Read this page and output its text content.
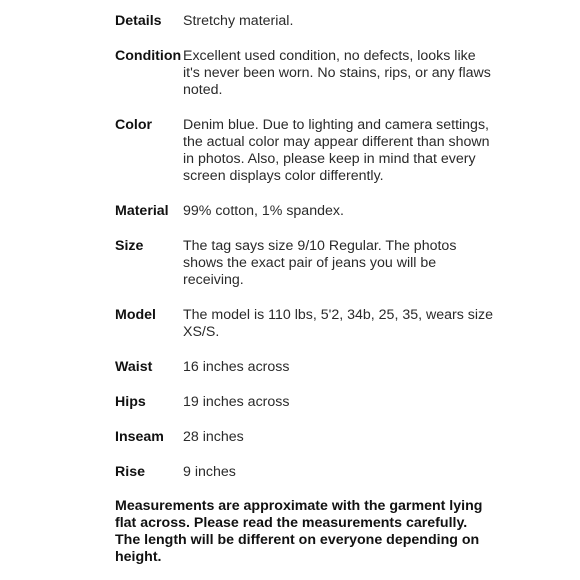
Details	Stretchy material.
Condition Excellent used condition, no defects, looks like it's never been worn. No stains, rips, or any flaws noted.
Color	Denim blue. Due to lighting and camera settings, the actual color may appear different than shown in photos. Also, please keep in mind that every screen displays color differently.
Material	99% cotton, 1% spandex.
Size	The tag says size 9/10 Regular. The photos shows the exact pair of jeans you will be receiving.
Model	The model is 110 lbs, 5'2, 34b, 25, 35, wears size XS/S.
Waist	16 inches across
Hips	19 inches across
Inseam	28 inches
Rise	9 inches
Measurements are approximate with the garment lying flat across. Please read the measurements carefully. The length will be different on everyone depending on height.
